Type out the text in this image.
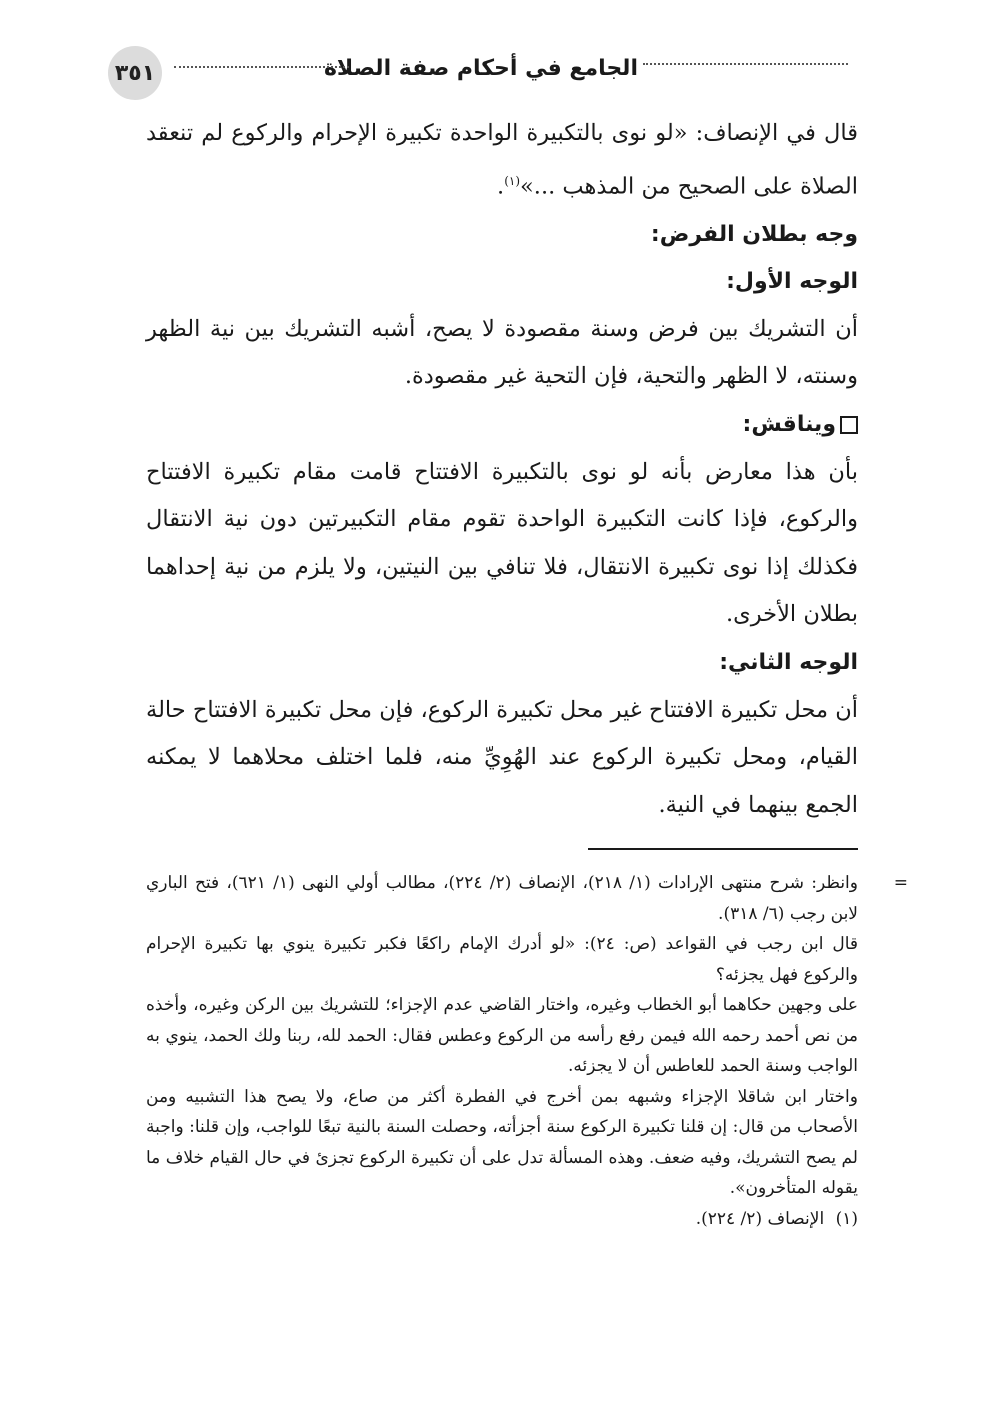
٣٥١	الجامع في أحكام صفة الصلاة

قال في الإنصاف: «لو نوى بالتكبيرة الواحدة تكبيرة الإحرام والركوع لم تنعقد الصلاة على الصحيح من المذهب ...»$^{(١)}$.

وجه بطلان الفرض:

الوجه الأول:

أن التشريك بين فرض وسنة مقصودة لا يصح، أشبه التشريك بين نية الظهر وسنته، لا الظهر والتحية، فإن التحية غير مقصودة.

ويناقش:

بأن هذا معارض بأنه لو نوى بالتكبيرة الافتتاح قامت مقام تكبيرة الافتتاح والركوع، فإذا كانت التكبيرة الواحدة تقوم مقام التكبيرتين دون نية الانتقال فكذلك إذا نوى تكبيرة الانتقال، فلا تنافي بين النيتين، ولا يلزم من نية إحداهما بطلان الأخرى.

الوجه الثاني:

أن محل تكبيرة الافتتاح غير محل تكبيرة الركوع، فإن محل تكبيرة الافتتاح حالة القيام، ومحل تكبيرة الركوع عند الهُوِيِّ منه، فلما اختلف محلاهما لا يمكنه الجمع بينهما في النية.

=
وانظر: شرح منتهى الإرادات (١/ ٢١٨)، الإنصاف (٢/ ٢٢٤)، مطالب أولي النهى (١/ ٦٢١)، فتح الباري لابن رجب (٦/ ٣١٨).

قال ابن رجب في القواعد (ص: ٢٤): «لو أدرك الإمام راكعًا فكبر تكبيرة ينوي بها تكبيرة الإحرام والركوع فهل يجزئه؟

على وجهين حكاهما أبو الخطاب وغيره، واختار القاضي عدم الإجزاء؛ للتشريك بين الركن وغيره، وأخذه من نص أحمد رحمه الله فيمن رفع رأسه من الركوع وعطس فقال: الحمد لله، ربنا ولك الحمد، ينوي به الواجب وسنة الحمد للعاطس أن لا يجزئه.

واختار ابن شاقلا الإجزاء وشبهه بمن أخرج في الفطرة أكثر من صاع، ولا يصح هذا التشبيه ومن الأصحاب من قال: إن قلنا تكبيرة الركوع سنة أجزأته، وحصلت السنة بالنية تبعًا للواجب، وإن قلنا: واجبة لم يصح التشريك، وفيه ضعف. وهذه المسألة تدل على أن تكبيرة الركوع تجزئ في حال القيام خلاف ما يقوله المتأخرون».

(١) الإنصاف (٢/ ٢٢٤).
